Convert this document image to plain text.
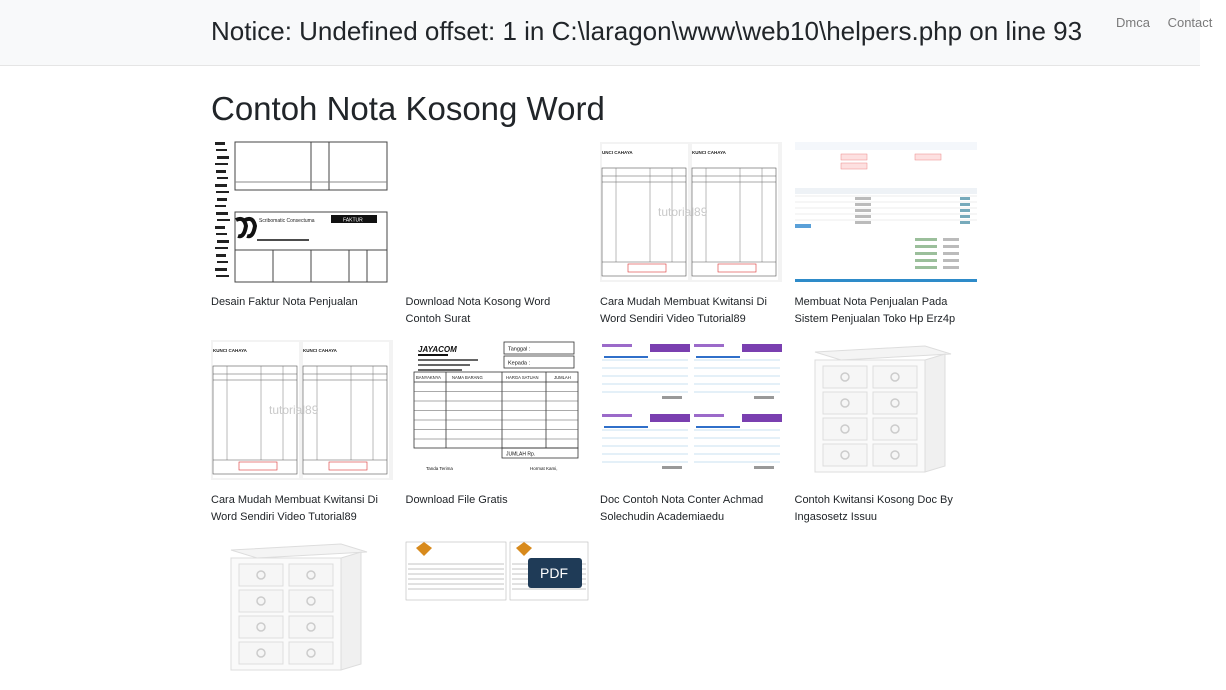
Notice: Undefined offset: 1 in C:\laragon\www\web10\helpers.php on line 93	Dmca Contact
Contoh Nota Kosong Word
Scribomatic Consectuma	FAKTUR
Desain Faktur Nota Penjualan	Download Nota Kosong Word Contoh Surat
UNCI CAHAYA	KUNCI CAHAYA
tutorial89
Cara Mudah Membuat Kwitansi Di Word Sendiri Video Tutorial89
Membuat Nota Penjualan Pada Sistem Penjualan Toko Hp Erz4p
KUNCI CAHAYA	KUNCI CAHAYA
tutorial89
Cara Mudah Membuat Kwitansi Di Word Sendiri Video Tutorial89
JAYACOM	Tanggal :
Kepada :
BANYAKNYA	NAMA BARANG	HARGA SATUAN	JUMLAH
JUMLAH Rp.
Tanda Terima	Hormat Kami,
Download File Gratis	Doc Contoh Nota Conter Achmad Solechudin Academiaedu
Contoh Kwitansi Kosong Doc By Ingasosetz Issuu
PDF
